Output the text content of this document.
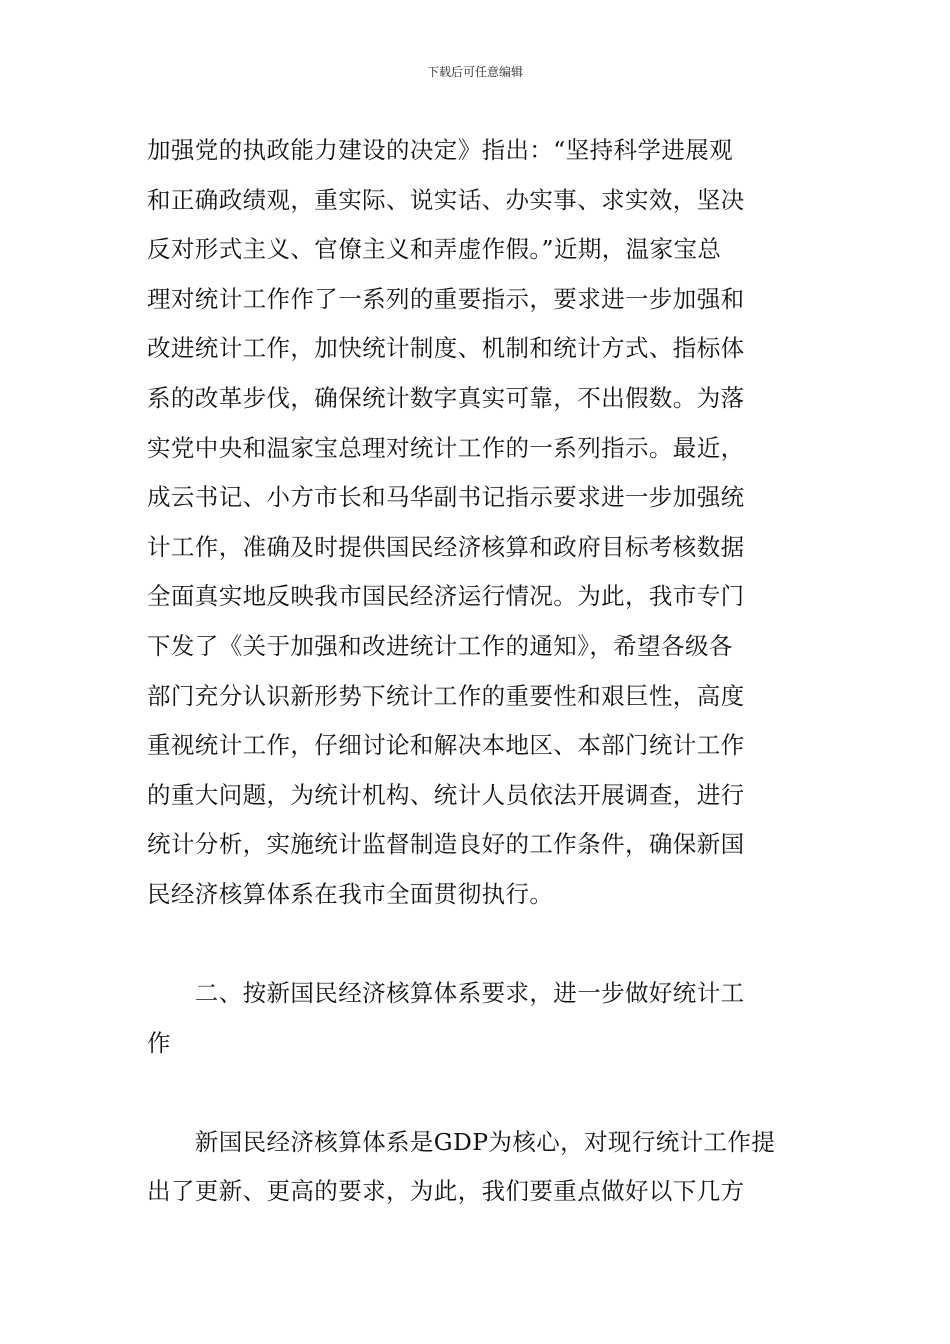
下载后可任意编辑
加强党的执政能力建设的决定》指出：“坚持科学进展观
和正确政绩观，重实际、说实话、办实事、求实效，坚决
反对形式主义、官僚主义和弄虚作假。”近期，温家宝总
理对统计工作作了一系列的重要指示，要求进一步加强和
改进统计工作，加快统计制度、机制和统计方式、指标体
系的改革步伐，确保统计数字真实可靠，不出假数。为落
实党中央和温家宝总理对统计工作的一系列指示。最近，
成云书记、小方市长和马华副书记指示要求进一步加强统
计工作，准确及时提供国民经济核算和政府目标考核数据
全面真实地反映我市国民经济运行情况。为此，我市专门
下发了《关于加强和改进统计工作的通知》，希望各级各
部门充分认识新形势下统计工作的重要性和艰巨性，高度
重视统计工作，仔细讨论和解决本地区、本部门统计工作
的重大问题，为统计机构、统计人员依法开展调查，进行
统计分析，实施统计监督制造良好的工作条件，确保新国
民经济核算体系在我市全面贯彻执行。
　　二、按新国民经济核算体系要求，进一步做好统计工
作
　　新国民经济核算体系是GDP为核心，对现行统计工作提
出了更新、更高的要求，为此，我们要重点做好以下几方
